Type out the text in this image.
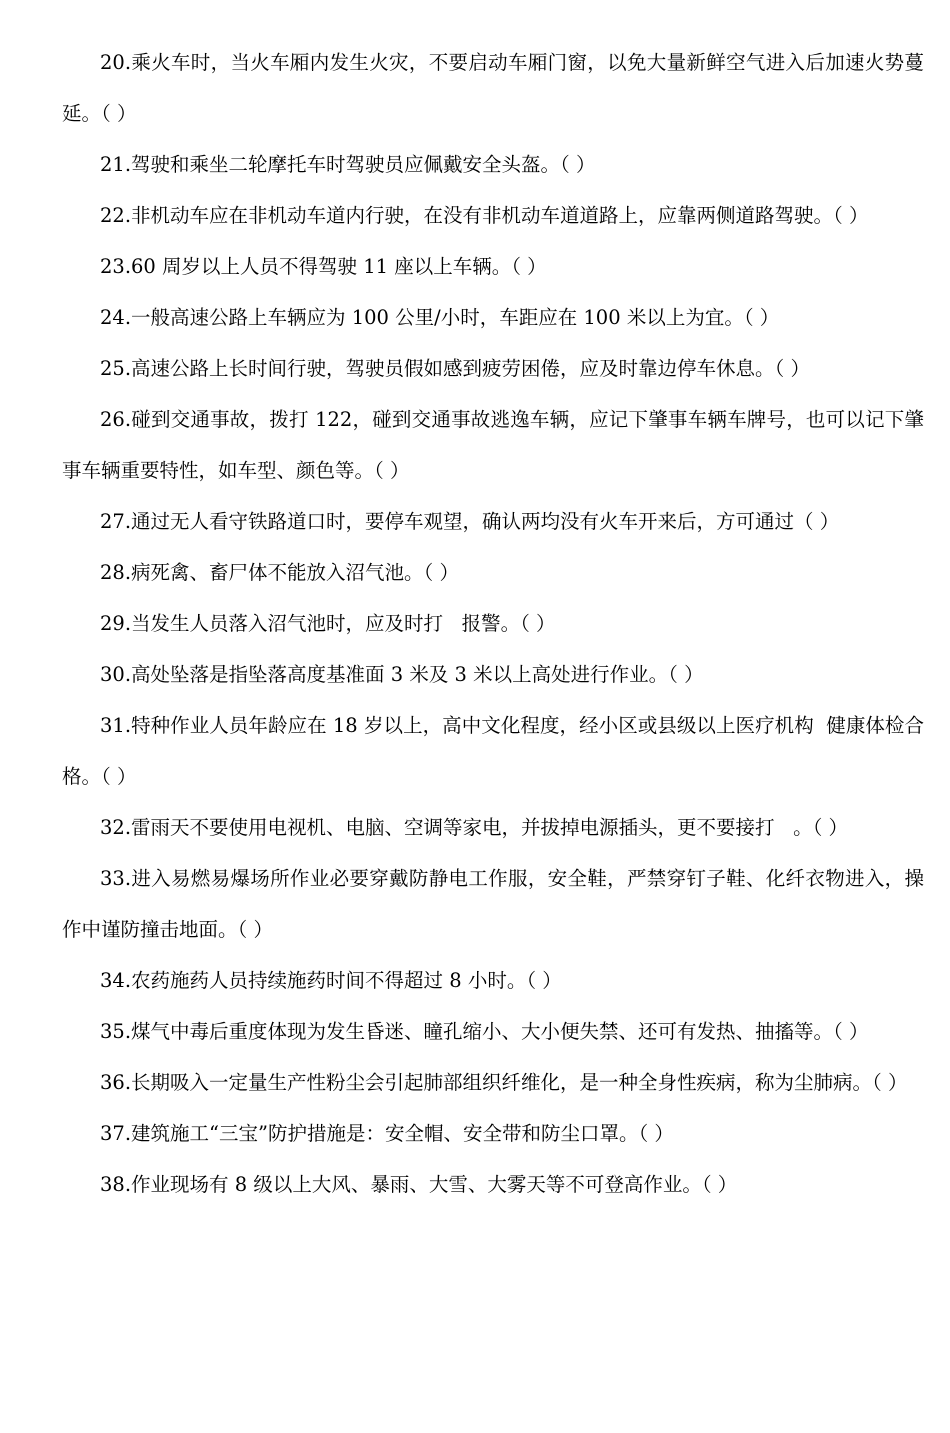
20.乘火车时，当火车厢内发生火灾，不要启动车厢门窗，以免大量新鲜空气进入后加速火势蔓延。（ ）

21.驾驶和乘坐二轮摩托车时驾驶员应佩戴安全头盔。（ ）

22.非机动车应在非机动车道内行驶，在没有非机动车道道路上，应靠两侧道路驾驶。（ ）

23.60 周岁以上人员不得驾驶 11 座以上车辆。（ ）

24.一般高速公路上车辆应为 100 公里/小时，车距应在 100 米以上为宜。（ ）

25.高速公路上长时间行驶，驾驶员假如感到疲劳困倦，应及时靠边停车休息。（ ）

26.碰到交通事故，拨打 122，碰到交通事故逃逸车辆，应记下肇事车辆车牌号，也可以记下肇事车辆重要特性，如车型、颜色等。（ ）

27.通过无人看守铁路道口时，要停车观望，确认两均没有火车开来后，方可通过（ ）

28.病死禽、畜尸体不能放入沼气池。（ ）

29.当发生人员落入沼气池时，应及时打   报警。（ ）

30.高处坠落是指坠落高度基准面 3 米及 3 米以上高处进行作业。（ ）

31.特种作业人员年龄应在 18 岁以上，高中文化程度，经小区或县级以上医疗机构  健康体检合格。（ ）

32.雷雨天不要使用电视机、电脑、空调等家电，并拔掉电源插头，更不要接打   。（ ）

33.进入易燃易爆场所作业必要穿戴防静电工作服，安全鞋，严禁穿钉子鞋、化纤衣物进入，操作中谨防撞击地面。（ ）

34.农药施药人员持续施药时间不得超过 8 小时。（ ）

35.煤气中毒后重度体现为发生昏迷、瞳孔缩小、大小便失禁、还可有发热、抽搐等。（ ）

36.长期吸入一定量生产性粉尘会引起肺部组织纤维化，是一种全身性疾病，称为尘肺病。（ ）

37.建筑施工“三宝”防护措施是：安全帽、安全带和防尘口罩。（ ）

38.作业现场有 8 级以上大风、暴雨、大雪、大雾天等不可登高作业。（ ）
